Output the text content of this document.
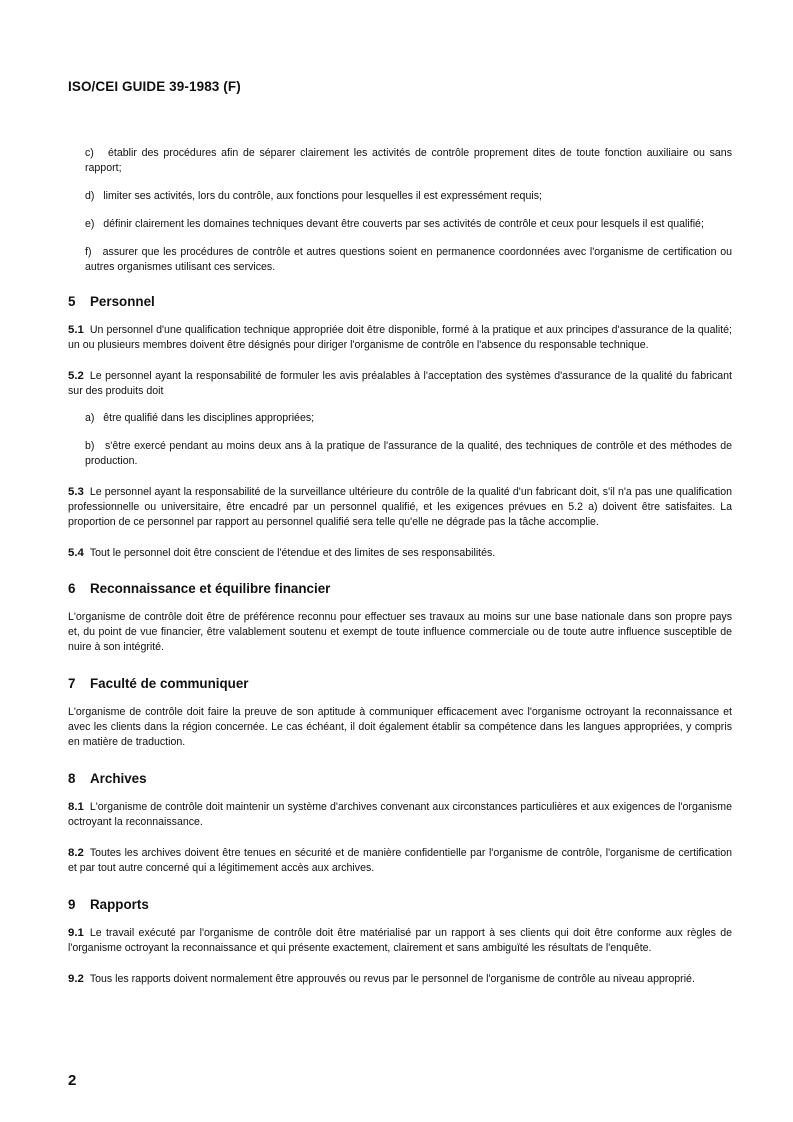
ISO/CEI GUIDE 39-1983 (F)

c) établir des procédures afin de séparer clairement les activités de contrôle proprement dites de toute fonction auxiliaire ou sans rapport;

d) limiter ses activités, lors du contrôle, aux fonctions pour lesquelles il est expressément requis;

e) définir clairement les domaines techniques devant être couverts par ses activités de contrôle et ceux pour lesquels il est qualifié;

f) assurer que les procédures de contrôle et autres questions soient en permanence coordonnées avec l'organisme de certification ou autres organismes utilisant ces services.

5 Personnel

5.1 Un personnel d'une qualification technique appropriée doit être disponible, formé à la pratique et aux principes d'assurance de la qualité; un ou plusieurs membres doivent être désignés pour diriger l'organisme de contrôle en l'absence du responsable technique.

5.2 Le personnel ayant la responsabilité de formuler les avis préalables à l'acceptation des systèmes d'assurance de la qualité du fabricant sur des produits doit

a) être qualifié dans les disciplines appropriées;

b) s'être exercé pendant au moins deux ans à la pratique de l'assurance de la qualité, des techniques de contrôle et des méthodes de production.

5.3 Le personnel ayant la responsabilité de la surveillance ultérieure du contrôle de la qualité d'un fabricant doit, s'il n'a pas une qualification professionnelle ou universitaire, être encadré par un personnel qualifié, et les exigences prévues en 5.2 a) doivent être satisfaites. La proportion de ce personnel par rapport au personnel qualifié sera telle qu'elle ne dégrade pas la tâche accomplie.

5.4 Tout le personnel doit être conscient de l'étendue et des limites de ses responsabilités.

6 Reconnaissance et équilibre financier

L'organisme de contrôle doit être de préférence reconnu pour effectuer ses travaux au moins sur une base nationale dans son propre pays et, du point de vue financier, être valablement soutenu et exempt de toute influence commerciale ou de toute autre influence susceptible de nuire à son intégrité.

7 Faculté de communiquer

L'organisme de contrôle doit faire la preuve de son aptitude à communiquer efficacement avec l'organisme octroyant la reconnaissance et avec les clients dans la région concernée. Le cas échéant, il doit également établir sa compétence dans les langues appropriées, y compris en matière de traduction.

8 Archives

8.1 L'organisme de contrôle doit maintenir un système d'archives convenant aux circonstances particulières et aux exigences de l'organisme octroyant la reconnaissance.

8.2 Toutes les archives doivent être tenues en sécurité et de manière confidentielle par l'organisme de contrôle, l'organisme de certification et par tout autre concerné qui a légitimement accès aux archives.

9 Rapports

9.1 Le travail exécuté par l'organisme de contrôle doit être matérialisé par un rapport à ses clients qui doit être conforme aux règles de l'organisme octroyant la reconnaissance et qui présente exactement, clairement et sans ambiguïté les résultats de l'enquête.

9.2 Tous les rapports doivent normalement être approuvés ou revus par le personnel de l'organisme de contrôle au niveau approprié.

2
